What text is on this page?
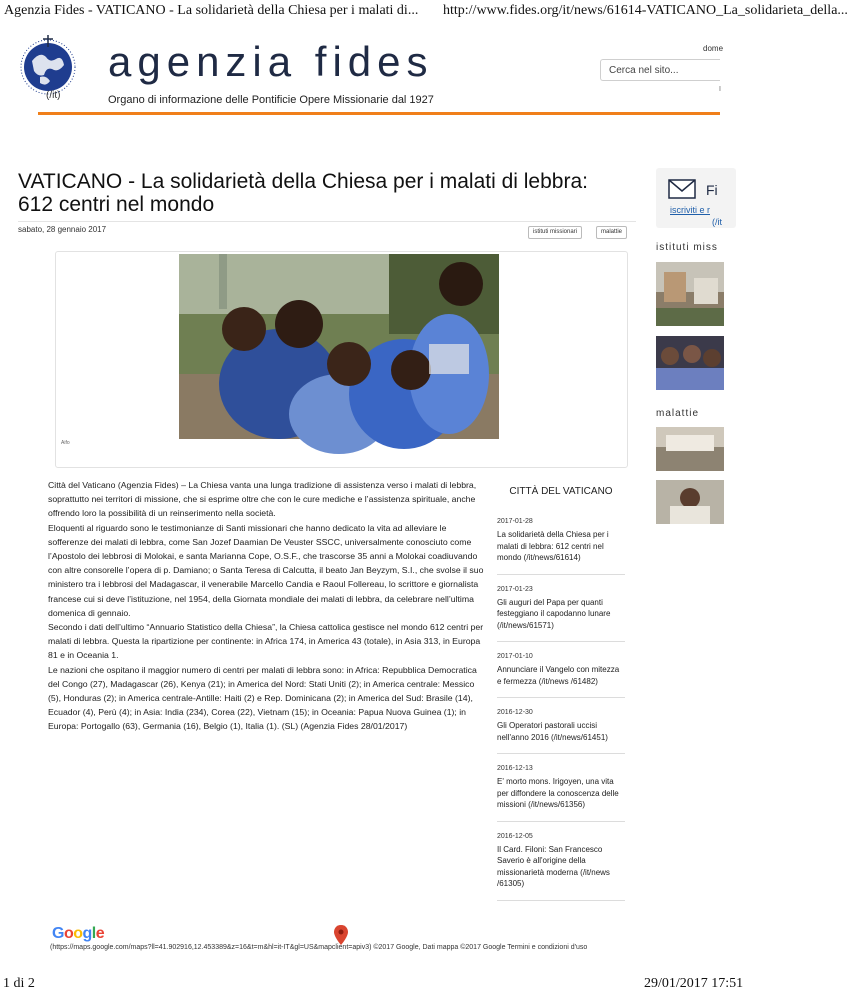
Agenzia Fides - VATICANO - La solidarietà della Chiesa per i malati di... http://www.fides.org/it/news/61614-VATICANO_La_solidarieta_della...
agenzia fides
(/it)	Organo di informazione delle Pontificie Opere Missionarie dal 1927
dome
Cerca nel sito...
I
VATICANO - La solidarietà della Chiesa per i malati di lebbra: 612 centri nel mondo
sabato, 28 gennaio 2017	istituti missionari	malattie
Aifo

Città del Vaticano (Agenzia Fides) – La Chiesa vanta una lunga tradizione di assistenza verso i malati di lebbra, soprattutto nei territori di missione, che si esprime oltre che con le cure mediche e l’assistenza spirituale, anche offrendo loro la possibilità di un reinserimento nella società.

Eloquenti al riguardo sono le testimonianze di Santi missionari che hanno dedicato la vita ad alleviare le sofferenze dei malati di lebbra, come San Jozef Daamian De Veuster SSCC, universalmente conosciuto come l’Apostolo dei lebbrosi di Molokai, e santa Marianna Cope, O.S.F., che trascorse 35 anni a Molokai coadiuvando con altre consorelle l’opera di p. Damiano; o Santa Teresa di Calcutta, il beato Jan Beyzym, S.I., che svolse il suo ministero tra i lebbrosi del Madagascar, il venerabile Marcello Candia e Raoul Follereau, lo scrittore e giornalista francese cui si deve l’istituzione, nel 1954, della Giornata mondiale dei malati di lebbra, da celebrare nell’ultima domenica di gennaio.

Secondo i dati dell’ultimo “Annuario Statistico della Chiesa”, la Chiesa cattolica gestisce nel mondo 612 centri per malati di lebbra. Questa la ripartizione per continente: in Africa 174, in America 43 (totale), in Asia 313, in Europa 81 e in Oceania 1.

Le nazioni che ospitano il maggior numero di centri per malati di lebbra sono: in Africa: Repubblica Democratica del Congo (27), Madagascar (26), Kenya (21); in America del Nord: Stati Uniti (2); in America centrale: Messico (5), Honduras (2); in America centrale-Antille: Haiti (2) e Rep. Dominicana (2); in America del Sud: Brasile (14), Ecuador (4), Perù (4); in Asia: India (234), Corea (22), Vietnam (15); in Oceania: Papua Nuova Guinea (1); in Europa: Portogallo (63), Germania (16), Belgio (1), Italia (1). (SL) (Agenzia Fides 28/01/2017)

CITTÀ DEL VATICANO
2017-01-28
La solidarietà della Chiesa per i malati di lebbra: 612 centri nel mondo (/it/news/61614)
2017-01-23
Gli auguri del Papa per quanti festeggiano il capodanno lunare (/it/news/61571)
2017-01-10
Annunciare il Vangelo con mitezza e fermezza (/it/news /61482)
2016-12-30
Gli Operatori pastorali uccisi nell'anno 2016 (/it/news/61451)
2016-12-13
E' morto mons. Irigoyen, una vita per diffondere la conoscenza delle missioni (/it/news/61356)
2016-12-05
Il Card. Filoni: San Francesco Saverio è all'origine della missionarietà moderna (/it/news /61305)
Fi
iscriviti e r
(/it
istituti miss
malattie
Google
(https://maps.google.com/maps?ll=41.902916,12.453389&z=16&t=m&hl=it-IT&gl=US&mapclient=apiv3) ©2017 Google, Dati mappa ©2017 Google Termini e condizioni d'uso
1 di 2	29/01/2017 17:51
